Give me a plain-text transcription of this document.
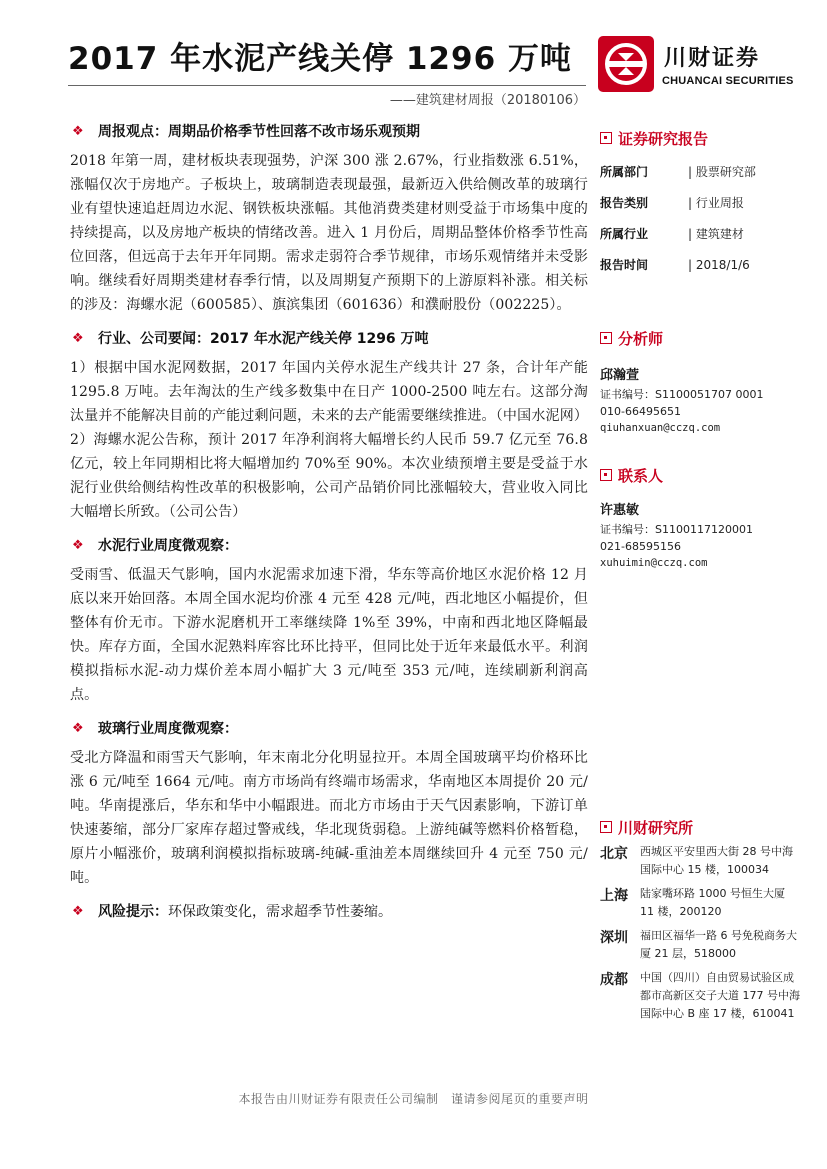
2017 年水泥产线关停 1296 万吨
——建筑建材周报（20180106）
川财证券
CHUANCAI SECURITIES
❖ 周报观点：周期品价格季节性回落不改市场乐观预期

2018 年第一周，建材板块表现强势，沪深 300 涨 2.67%，行业指数涨 6.51%，涨幅仅次于房地产。子板块上，玻璃制造表现最强，最新迈入供给侧改革的玻璃行业有望快速追赶周边水泥、钢铁板块涨幅。其他消费类建材则受益于市场集中度的持续提高，以及房地产板块的情绪改善。进入 1 月份后，周期品整体价格季节性高位回落，但远高于去年开年同期。需求走弱符合季节规律，市场乐观情绪并未受影响。继续看好周期类建材春季行情，以及周期复产预期下的上游原料补涨。相关标的涉及：海螺水泥（600585）、旗滨集团（601636）和濮耐股份（002225）。

❖ 行业、公司要闻：2017 年水泥产线关停 1296 万吨

1）根据中国水泥网数据，2017 年国内关停水泥生产线共计 27 条，合计年产能 1295.8 万吨。去年淘汰的生产线多数集中在日产 1000-2500 吨左右。这部分淘汰量并不能解决目前的产能过剩问题，未来的去产能需要继续推进。（中国水泥网）2）海螺水泥公告称，预计 2017 年净利润将大幅增长约人民币 59.7 亿元至 76.8 亿元，较上年同期相比将大幅增加约 70%至 90%。本次业绩预增主要是受益于水泥行业供给侧结构性改革的积极影响，公司产品销价同比涨幅较大，营业收入同比大幅增长所致。（公司公告）

❖ 水泥行业周度微观察：

受雨雪、低温天气影响，国内水泥需求加速下滑，华东等高价地区水泥价格 12 月底以来开始回落。本周全国水泥均价涨 4 元至 428 元/吨，西北地区小幅提价，但整体有价无市。下游水泥磨机开工率继续降 1%至 39%，中南和西北地区降幅最快。库存方面，全国水泥熟料库容比环比持平，但同比处于近年来最低水平。利润模拟指标水泥-动力煤价差本周小幅扩大 3 元/吨至 353 元/吨，连续刷新利润高点。

❖ 玻璃行业周度微观察：

受北方降温和雨雪天气影响，年末南北分化明显拉开。本周全国玻璃平均价格环比涨 6 元/吨至 1664 元/吨。南方市场尚有终端市场需求，华南地区本周提价 20 元/吨。华南提涨后，华东和华中小幅跟进。而北方市场由于天气因素影响，下游订单快速萎缩，部分厂家库存超过警戒线，华北现货弱稳。上游纯碱等燃料价格暂稳，原片小幅涨价，玻璃利润模拟指标玻璃-纯碱-重油差本周继续回升 4 元至 750 元/吨。

❖ 风险提示： 环保政策变化，需求超季节性萎缩。
证券研究报告
所属部门	| 股票研究部
报告类别	| 行业周报
所属行业	| 建筑建材
报告时间	| 2018/1/6
分析师
邱瀚萱
证书编号：S1100051707 0001
010-66495651
qiuhanxuan@cczq.com
联系人
许惠敏
证书编号：S1100117120001
021-68595156
xuhuimin@cczq.com
川财研究所
北京	西城区平安里西大街 28 号中海国际中心 15 楼，100034
上海	陆家嘴环路 1000 号恒生大厦 11 楼，200120
深圳	福田区福华一路 6 号免税商务大厦 21 层，518000
成都	中国（四川）自由贸易试验区成都市高新区交子大道 177 号中海国际中心 B 座 17 楼，610041
本报告由川财证券有限责任公司编制　谨请参阅尾页的重要声明
